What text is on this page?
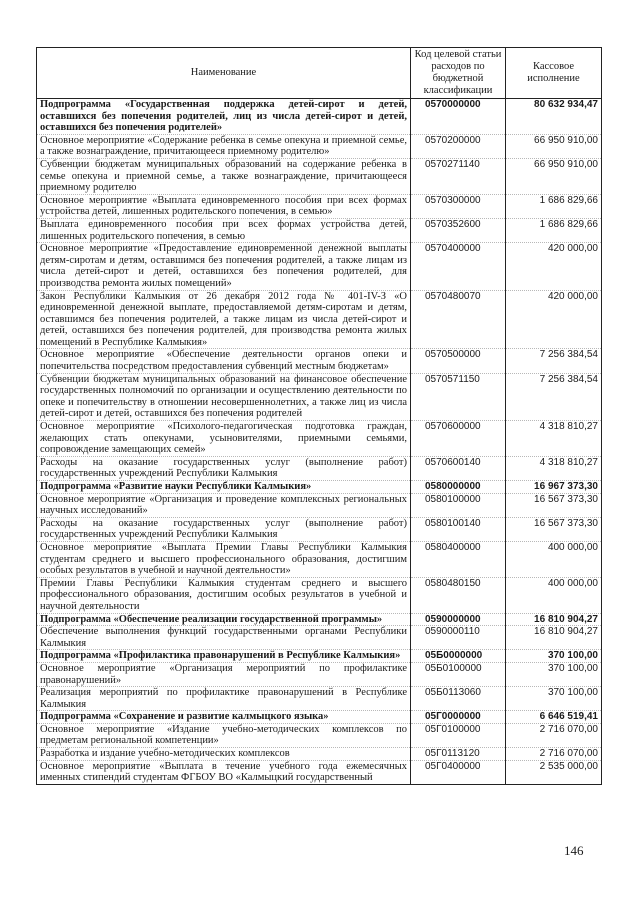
Наименование	Код целевой статьи расходов по бюджетной классификации	Кассовое исполнение
Подпрограмма «Государственная поддержка детей-сирот и детей, оставшихся без попечения родителей, лиц из числа детей-сирот и детей, оставшихся без попечения родителей»	0570000000	80 632 934,47
Основное мероприятие «Содержание ребенка в семье опекуна и приемной семье, а также вознаграждение, причитающееся приемному родителю»	0570200000	66 950 910,00
Субвенции бюджетам муниципальных образований на содержание ребенка в семье опекуна и приемной семье, а также вознаграждение, причитающееся приемному родителю	0570271140	66 950 910,00
Основное мероприятие «Выплата единовременного пособия при всех формах устройства детей, лишенных родительского попечения, в семью»	0570300000	1 686 829,66
Выплата единовременного пособия при всех формах устройства детей, лишенных родительского попечения, в семью	0570352600	1 686 829,66
Основное мероприятие «Предоставление единовременной денежной выплаты детям-сиротам и детям, оставшимся без попечения родителей, а также лицам из числа детей-сирот и детей, оставшихся без попечения родителей, для производства ремонта жилых помещений»	0570400000	420 000,00
Закон Республики Калмыкия от 26 декабря 2012 года № 401-IV-З «О единовременной денежной выплате, предоставляемой детям-сиротам и детям, оставшимся без попечения родителей, а также лицам из числа детей-сирот и детей, оставшихся без попечения родителей, для производства ремонта жилых помещений в Республике Калмыкия»	0570480070	420 000,00
Основное мероприятие «Обеспечение деятельности органов опеки и попечительства посредством предоставления субвенций местным бюджетам»	0570500000	7 256 384,54
Субвенции бюджетам муниципальных образований на финансовое обеспечение государственных полномочий по организации и осуществлению деятельности по опеке и попечительству в отношении несовершеннолетних, а также лиц из числа детей-сирот и детей, оставшихся без попечения родителей	0570571150	7 256 384,54
Основное мероприятие «Психолого-педагогическая подготовка граждан, желающих стать опекунами, усыновителями, приемными семьями, сопровождение замещающих семей»	0570600000	4 318 810,27
Расходы на оказание государственных услуг (выполнение работ) государственных учреждений Республики Калмыкия	0570600140	4 318 810,27
Подпрограмма «Развитие науки Республики Калмыкия»	0580000000	16 967 373,30
Основное мероприятие «Организация и проведение комплексных региональных научных исследований»	0580100000	16 567 373,30
Расходы на оказание государственных услуг (выполнение работ) государственных учреждений Республики Калмыкия	0580100140	16 567 373,30
Основное мероприятие «Выплата Премии Главы Республики Калмыкия студентам среднего и высшего профессионального образования, достигшим особых результатов в учебной и научной деятельности»	0580400000	400 000,00
Премии Главы Республики Калмыкия студентам среднего и высшего профессионального образования, достигшим особых результатов в учебной и научной деятельности	0580480150	400 000,00
Подпрограмма «Обеспечение реализации государственной программы»	0590000000	16 810 904,27
Обеспечение выполнения функций государственными органами Республики Калмыкия	0590000110	16 810 904,27
Подпрограмма «Профилактика правонарушений в Республике Калмыкия»	05Б0000000	370 100,00
Основное мероприятие «Организация мероприятий по профилактике правонарушений»	05Б0100000	370 100,00
Реализация мероприятий по профилактике правонарушений в Республике Калмыкия	05Б0113060	370 100,00
Подпрограмма «Сохранение и развитие калмыцкого языка»	05Г0000000	6 646 519,41
Основное мероприятие «Издание учебно-методических комплексов по предметам региональной компетенции»	05Г0100000	2 716 070,00
Разработка и издание учебно-методических комплексов	05Г0113120	2 716 070,00
Основное мероприятие «Выплата в течение учебного года ежемесячных именных стипендий студентам ФГБОУ ВО «Калмыцкий государственный	05Г0400000	2 535 000,00
146
